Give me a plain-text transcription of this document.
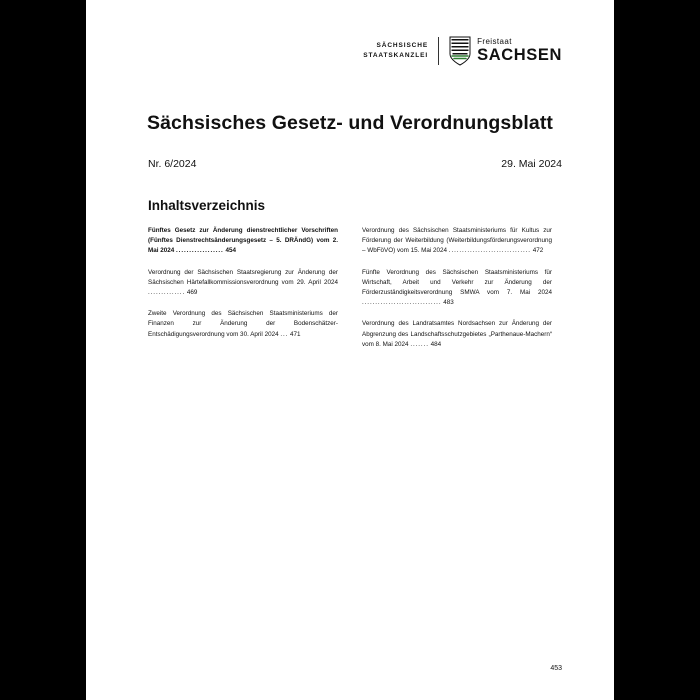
SÄCHSISCHE
STAATSKANZLEI
Freistaat
SACHSEN
Sächsisches Gesetz- und Verordnungsblatt
Nr. 6/2024	29. Mai 2024
Inhaltsverzeichnis
Fünftes Gesetz zur Änderung dienstrechtlicher Vorschriften (Fünftes Dienstrechtsänderungsgesetz – 5. DRÄndG) vom 2. Mai 2024 .................. 454
Verordnung der Sächsischen Staatsregierung zur Änderung der Sächsischen Härtefallkommissionsverordnung vom 29. April 2024 .............. 469
Zweite Verordnung des Sächsischen Staatsministeriums der Finanzen zur Änderung der Bodenschätzer-Entschädigungsverordnung vom 30. April 2024 ... 471
Verordnung des Sächsischen Staatsministeriums für Kultus zur Förderung der Weiterbildung (Weiterbildungsförderungsverordnung – WbFöVO) vom 15. Mai 2024 ............................... 472
Fünfte Verordnung des Sächsischen Staatsministeriums für Wirtschaft, Arbeit und Verkehr zur Änderung der Förderzuständigkeitsverordnung SMWA vom 7. Mai 2024 .............................. 483
Verordnung des Landratsamtes Nordsachsen zur Änderung der Abgrenzung des Landschaftsschutzgebietes „Parthenaue-Machern“ vom 8. Mai 2024 ....... 484
453
